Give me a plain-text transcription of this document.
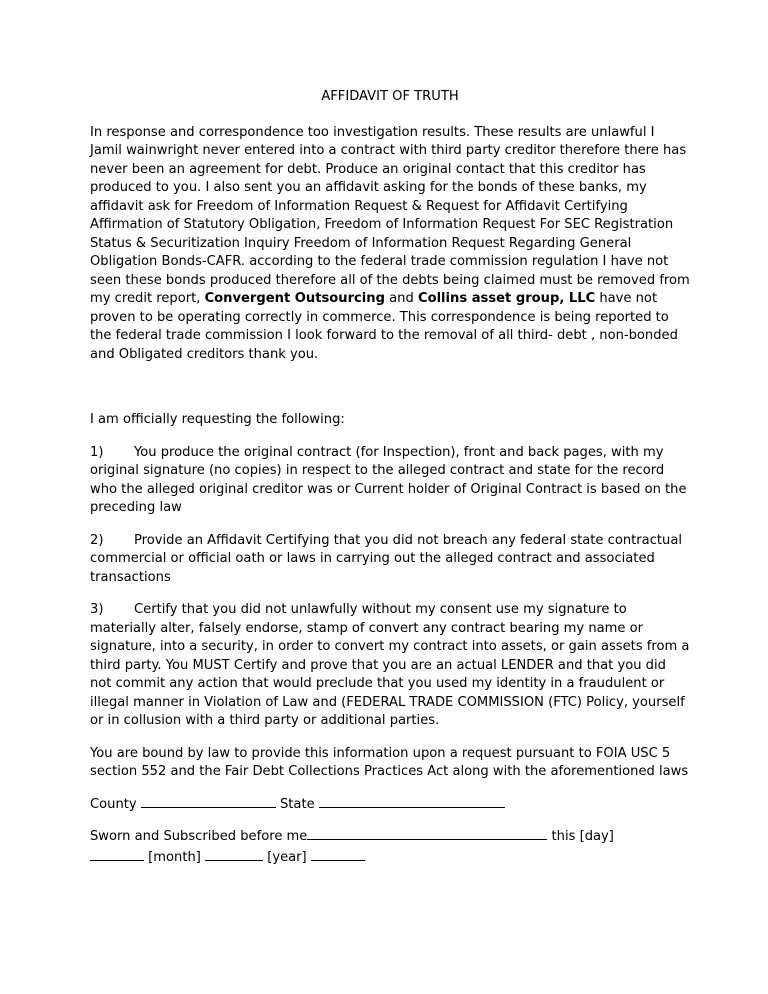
AFFIDAVIT OF TRUTH

In response and correspondence too investigation results. These results are unlawful I Jamil wainwright never entered into a contract with third party creditor therefore there has never been an agreement for debt. Produce an original contact that this creditor has produced to you. I also sent you an affidavit asking for the bonds of these banks, my affidavit ask for Freedom of Information Request & Request for Affidavit Certifying Affirmation of Statutory Obligation, Freedom of Information Request For SEC Registration Status & Securitization Inquiry Freedom of Information Request Regarding General Obligation Bonds-CAFR. according to the federal trade commission regulation I have not seen these bonds produced therefore all of the debts being claimed must be removed from my credit report, Convergent Outsourcing and Collins asset group, LLC have not proven to be operating correctly in commerce. This correspondence is being reported to the federal trade commission I look forward to the removal of all third- debt , non-bonded and Obligated creditors thank you.

I am officially requesting the following:

1) You produce the original contract (for Inspection), front and back pages, with my original signature (no copies) in respect to the alleged contract and state for the record who the alleged original creditor was or Current holder of Original Contract is based on the preceding law

2) Provide an Affidavit Certifying that you did not breach any federal state contractual commercial or official oath or laws in carrying out the alleged contract and associated transactions

3) Certify that you did not unlawfully without my consent use my signature to materially alter, falsely endorse, stamp of convert any contract bearing my name or signature, into a security, in order to convert my contract into assets, or gain assets from a third party. You MUST Certify and prove that you are an actual LENDER and that you did not commit any action that would preclude that you used my identity in a fraudulent or illegal manner in Violation of Law and (FEDERAL TRADE COMMISSION (FTC) Policy, yourself or in collusion with a third party or additional parties.

You are bound by law to provide this information upon a request pursuant to FOIA USC 5 section 552 and the Fair Debt Collections Practices Act along with the aforementioned laws

County	State

Sworn and Subscribed before me	this [day]

[month]	[year]
